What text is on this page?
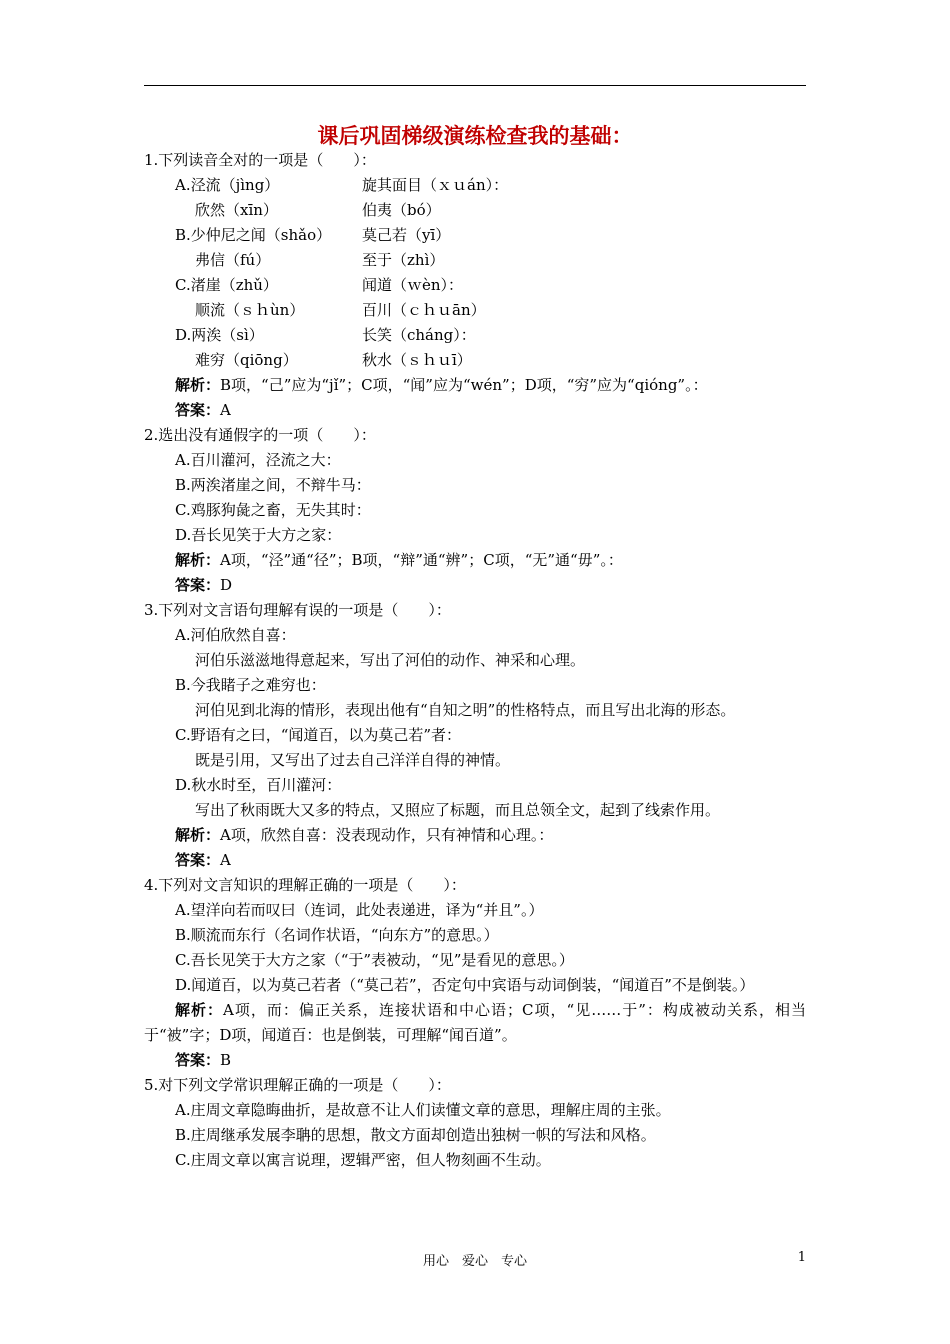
课后巩固梯级演练检查我的基础：
1.下列读音全对的一项是（　　）：
A.泾流（jìng）	旋其面目（ｘｕán）：
欣然（xīn）	伯夷（bó）
B.少仲尼之闻（shǎo）	莫己若（yī）
弗信（fú）	至于（zhì）
C.渚崖（zhǔ）	闻道（ｗèn）：
顺流（ｓｈùn）	百川（ｃｈｕān）
D.两涘（sì）	长笑（cháng）：
难穷（qiōng）	秋水（ｓｈｕī）
解析：B项，“己”应为“jǐ”；C项，“闻”应为“wén”；D项，“穷”应为“qióng”。：
答案：A
2.选出没有通假字的一项（　　）：
A.百川灌河，泾流之大：
B.两涘渚崖之间，不辩牛马：
C.鸡豚狗彘之畜，无失其时：
D.吾长见笑于大方之家：
解析：A项，“泾”通“径”；B项，“辩”通“辨”；C项，“无”通“毋”。：
答案：D
3.下列对文言语句理解有误的一项是（　　）：
A.河伯欣然自喜：
河伯乐滋滋地得意起来，写出了河伯的动作、神采和心理。
B.今我睹子之难穷也：
河伯见到北海的情形，表现出他有“自知之明”的性格特点，而且写出北海的形态。
C.野语有之曰，“闻道百，以为莫己若”者：
既是引用，又写出了过去自己洋洋自得的神情。
D.秋水时至，百川灌河：
写出了秋雨既大又多的特点，又照应了标题，而且总领全文，起到了线索作用。
解析：A项，欣然自喜：没表现动作，只有神情和心理。：
答案：A
4.下列对文言知识的理解正确的一项是（　　）：
A.望洋向若而叹曰（连词，此处表递进，译为“并且”。）
B.顺流而东行（名词作状语，“向东方”的意思。）
C.吾长见笑于大方之家（“于”表被动，“见”是看见的意思。）
D.闻道百，以为莫己若者（“莫己若”，否定句中宾语与动词倒装，“闻道百”不是倒装。）
解析：A项，而：偏正关系，连接状语和中心语；C项，“见……于”：构成被动关系，相当于“被”字；D项，闻道百：也是倒装，可理解“闻百道”。
答案：B
5.对下列文学常识理解正确的一项是（　　）：
A.庄周文章隐晦曲折，是故意不让人们读懂文章的意思，理解庄周的主张。
B.庄周继承发展李聃的思想，散文方面却创造出独树一帜的写法和风格。
C.庄周文章以寓言说理，逻辑严密，但人物刻画不生动。
用心　爱心　专心	1
